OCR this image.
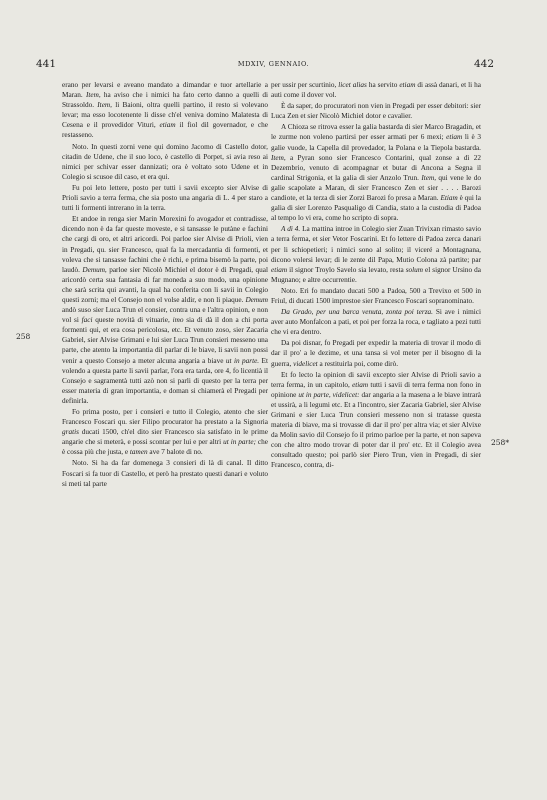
441	MDXIV, GENNAIO.	442
258
258*

erano per levarsi e aveano mandato a dimandar e tuor artellarie a Maran. Item, ha aviso che i nimici ha fato certo danno a quelli di Strassoldo. Item, li Baioni, oltra quelli partino, il resto si volevano levar; ma esso locotenente li disse ch'el veniva domino Malatesta di Cesena e il provedidor Vituri, etiam il fiol dil governador, e che restasseno.

Noto. In questi zorni vene qui domino Jacomo di Castello dotor, citadin de Udene, che il suo loco, è castello di Porpet, si avia reso ai nimici per schivar esser dannizati; ora è voltato soto Udene et in Colegio si scusoe dil caso, et era qui.

Fu poi leto lettere, posto per tutti i savii excepto sier Alvise di Prioli savio a terra ferma, che sia posto una angaria di L. 4 per staro a tutti li formenti intrerano in la terra.

Et andoe in renga sier Marin Morexini fo avogador et contradisse, dicendo non è da far queste moveste, e si tansasse le putàne e fachini che cargi di oro, et altri aricordi. Poi parloe sier Alvise di Prioli, vien in Pregadi, qu. sier Francesco, qual fa la mercadantia di formenti, et voleva che si tansasse fachini che è richi, e prima bisemò la parte, poi laudò. Demum, parloe sier Nicolò Michiel el dotor è di Pregadi, qual aricordò certa sua fantasia di far moneda a suo modo, una opinione che sarà scrita qui avanti, la qual ha conferita con li savii in Colegio questi zorni; ma el Consejo non el volse aldir, e non li piaque. Demum andò suso sier Luca Trun el consier, contra una e l'altra opinion, e non vol si faci queste novità di vituarie, imo sia di dà il don a chi porta formenti qui, et era cosa pericolosa, etc. Et venuto zoso, sier Zacaria Gabriel, sier Alvise Grimani e lui sier Luca Trun consieri messeno una parte, che atento la importantia dil parlar di le biave, li savii non possi venir a questo Consejo a meter alcuna angaria a biave ut in parte. Et volendo a questa parte li savii parlar, l'ora era tarda, ore 4, fo licentià il Consejo e sagramentà tutti azò non si parli di questo per la terra per esser materia di gran importantia, e doman si chiamerà el Pregadi per definirla.

Fo prima posto, per i consieri e tutto il Colegio, atento che sier Francesco Foscari qu. sier Filipo procurator ha prestato a la Signoria gratis ducati 1500, ch'el dito sier Francesco sia satisfato in le prime angarie che si meterà, e possi scontar per lui e per altri ut in parte; che è cossa più che justa, e tamen ave 7 balote di no.

Noto. Si ha da far domenega 3 consieri di là di canal. Il ditto Foscari si fa tuor di Castello, et però ha prestato questi danari e voluto si meti tal parte

per ussir per scurtinio, licet alias ha servito etiam di assà danari, et li ha auti come il dover vol.

È da saper, do procuratori non vien in Pregadi per esser debitori: sier Luca Zen et sier Nicolò Michiel dotor e cavalier.

A Chioza se ritrova esser la galia bastarda di sier Marco Bragadin, et le zurme non voleno partirsi per esser armati per 6 mexi; etiam li è 3 galie vuode, la Capella dil provedador, la Polana e la Tiepola bastarda. Item, a Pyran sono sier Francesco Contarini, qual zonse a dì 22 Dezembrio, venuto di acompagnar et butar di Ancona a Segna il cardinal Strigonia, et la galia di sier Anzolo Trun. Item, qui vene le do galie scapolate a Maran, di sier Francesco Zen et sier . . . . Barozi candiote, et la terza di sier Zorzi Barozi fo presa a Maran. Etiam è qui la galia di sier Lorenzo Pasqualigo di Candia, stato a la custodia di Padoa al tempo lo vi era, come ho scripto di sopra.

A dì 4. La mattina introe in Colegio sier Zuan Trivixan rimasto savio a terra ferma, et sier Vetor Foscarini. Et fo lettere di Padoa zerca danari per li schiopetieri; i nimici sono al solito; il viceré a Montagnana, dicono volersi levar; di le zente dil Papa, Mutio Colona zà partite; par etiam il signor Troylo Savelo sia levato, resta solum el signor Ursino da Mugnano; e altre occurrentie.

Noto. Eri fo mandato ducati 500 a Padoa, 500 a Trevixo et 500 in Friul, di ducati 1500 imprestoe sier Francesco Foscari sopranominato.

Da Grado, per una barca venuta, zonta poi terza. Si ave i nimici aver auto Monfalcon a pati, et poi per forza la roca, e tagliato a pezi tutti che vi era dentro.

Da poi disnar, fo Pregadi per expedir la materia di trovar il modo di dar il pro' a le dezime, et una tansa si vol meter per il bisogno di la guerra, videlicet a restituirla poi, come dirò.

Et fo lecto la opinion di savii excepto sier Alvise di Prioli savio a terra ferma, in un capitolo, etiam tutti i savii di terra ferma non fono in opinione ut in parte, videlicet: dar angaria a la masena a le biave intrarà et ussirà, a li legumi etc. Et a l'incontro, sier Zacaria Gabriel, sier Alvise Grimani e sier Luca Trun consieri messeno non si tratasse questa materia di biave, ma si trovasse di dar il pro' per altra via; et sier Alvixe da Molin savio dil Consejo fo il primo parloe per la parte, et non sapeva con che altro modo trovar di poter dar il pro' etc. Et il Colegio avea consultado questo; poi parlò sier Piero Trun, vien in Pregadi, di sier Francesco, contra, di-
